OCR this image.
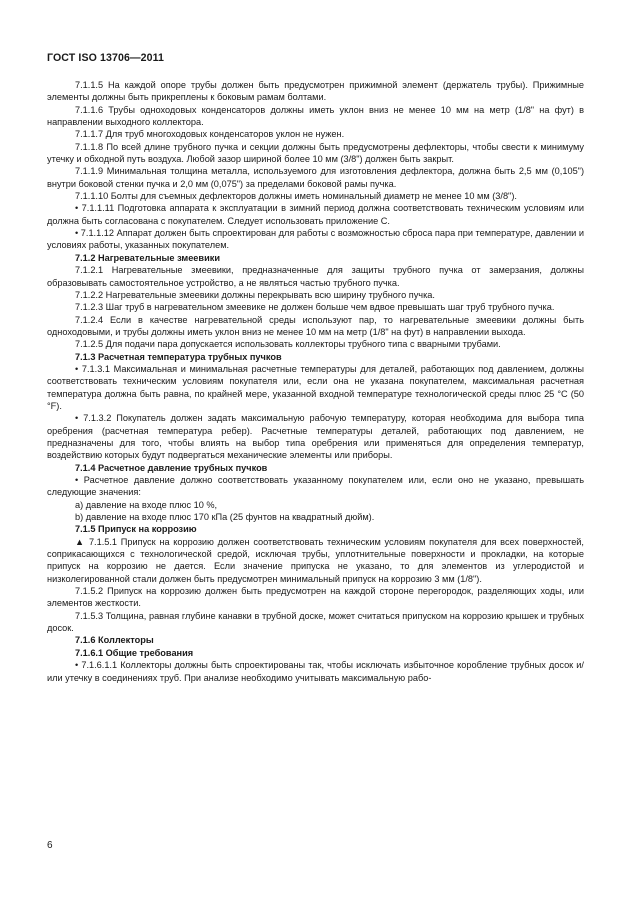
ГОСТ ISO 13706—2011

7.1.1.5 На каждой опоре трубы должен быть предусмотрен прижимной элемент (держатель трубы). Прижимные элементы должны быть прикреплены к боковым рамам болтами.

7.1.1.6 Трубы одноходовых конденсаторов должны иметь уклон вниз не менее 10 мм на метр (1/8" на фут) в направлении выходного коллектора.

7.1.1.7 Для труб многоходовых конденсаторов уклон не нужен.

7.1.1.8 По всей длине трубного пучка и секции должны быть предусмотрены дефлекторы, чтобы свести к минимуму утечку и обходной путь воздуха. Любой зазор шириной более 10 мм (3/8") должен быть закрыт.

7.1.1.9 Минимальная толщина металла, используемого для изготовления дефлектора, должна быть 2,5 мм (0,105") внутри боковой стенки пучка и 2,0 мм (0,075") за пределами боковой рамы пучка.

7.1.1.10 Болты для съемных дефлекторов должны иметь номинальный диаметр не менее 10 мм (3/8").

• 7.1.1.11 Подготовка аппарата к эксплуатации в зимний период должна соответствовать техническим условиям или должна быть согласована с покупателем. Следует использовать приложение С.

• 7.1.1.12 Аппарат должен быть спроектирован для работы с возможностью сброса пара при температуре, давлении и условиях работы, указанных покупателем.

7.1.2 Нагревательные змеевики

7.1.2.1 Нагревательные змеевики, предназначенные для защиты трубного пучка от замерзания, должны образовывать самостоятельное устройство, а не являться частью трубного пучка.

7.1.2.2 Нагревательные змеевики должны перекрывать всю ширину трубного пучка.

7.1.2.3 Шаг труб в нагревательном змеевике не должен больше чем вдвое превышать шаг труб трубного пучка.

7.1.2.4 Если в качестве нагревательной среды используют пар, то нагревательные змеевики должны быть одноходовыми, и трубы должны иметь уклон вниз не менее 10 мм на метр (1/8" на фут) в направлении выхода.

7.1.2.5 Для подачи пара допускается использовать коллекторы трубного типа с вварными трубами.

7.1.3 Расчетная температура трубных пучков

• 7.1.3.1 Максимальная и минимальная расчетные температуры для деталей, работающих под давлением, должны соответствовать техническим условиям покупателя или, если она не указана покупателем, максимальная расчетная температура должна быть равна, по крайней мере, указанной входной температуре технологической среды плюс 25 °С (50 °F).

• 7.1.3.2 Покупатель должен задать максимальную рабочую температуру, которая необходима для выбора типа оребрения (расчетная температура ребер). Расчетные температуры деталей, работающих под давлением, не предназначены для того, чтобы влиять на выбор типа оребрения или применяться для определения температур, воздействию которых будут подвергаться механические элементы или приборы.

7.1.4 Расчетное давление трубных пучков

• Расчетное давление должно соответствовать указанному покупателем или, если оно не указано, превышать следующие значения:

a) давление на входе плюс 10 %,

b) давление на входе плюс 170 кПа (25 фунтов на квадратный дюйм).

7.1.5 Припуск на коррозию

▲ 7.1.5.1 Припуск на коррозию должен соответствовать техническим условиям покупателя для всех поверхностей, соприкасающихся с технологической средой, исключая трубы, уплотнительные поверхности и прокладки, на которые припуск на коррозию не дается. Если значение припуска не указано, то для элементов из углеродистой и низколегированной стали должен быть предусмотрен минимальный припуск на коррозию 3 мм (1/8").

7.1.5.2 Припуск на коррозию должен быть предусмотрен на каждой стороне перегородок, разделяющих ходы, или элементов жесткости.

7.1.5.3 Толщина, равная глубине канавки в трубной доске, может считаться припуском на коррозию крышек и трубных досок.

7.1.6 Коллекторы

7.1.6.1 Общие требования

• 7.1.6.1.1 Коллекторы должны быть спроектированы так, чтобы исключать избыточное коробление трубных досок и/или утечку в соединениях труб. При анализе необходимо учитывать максимальную рабо-

6
